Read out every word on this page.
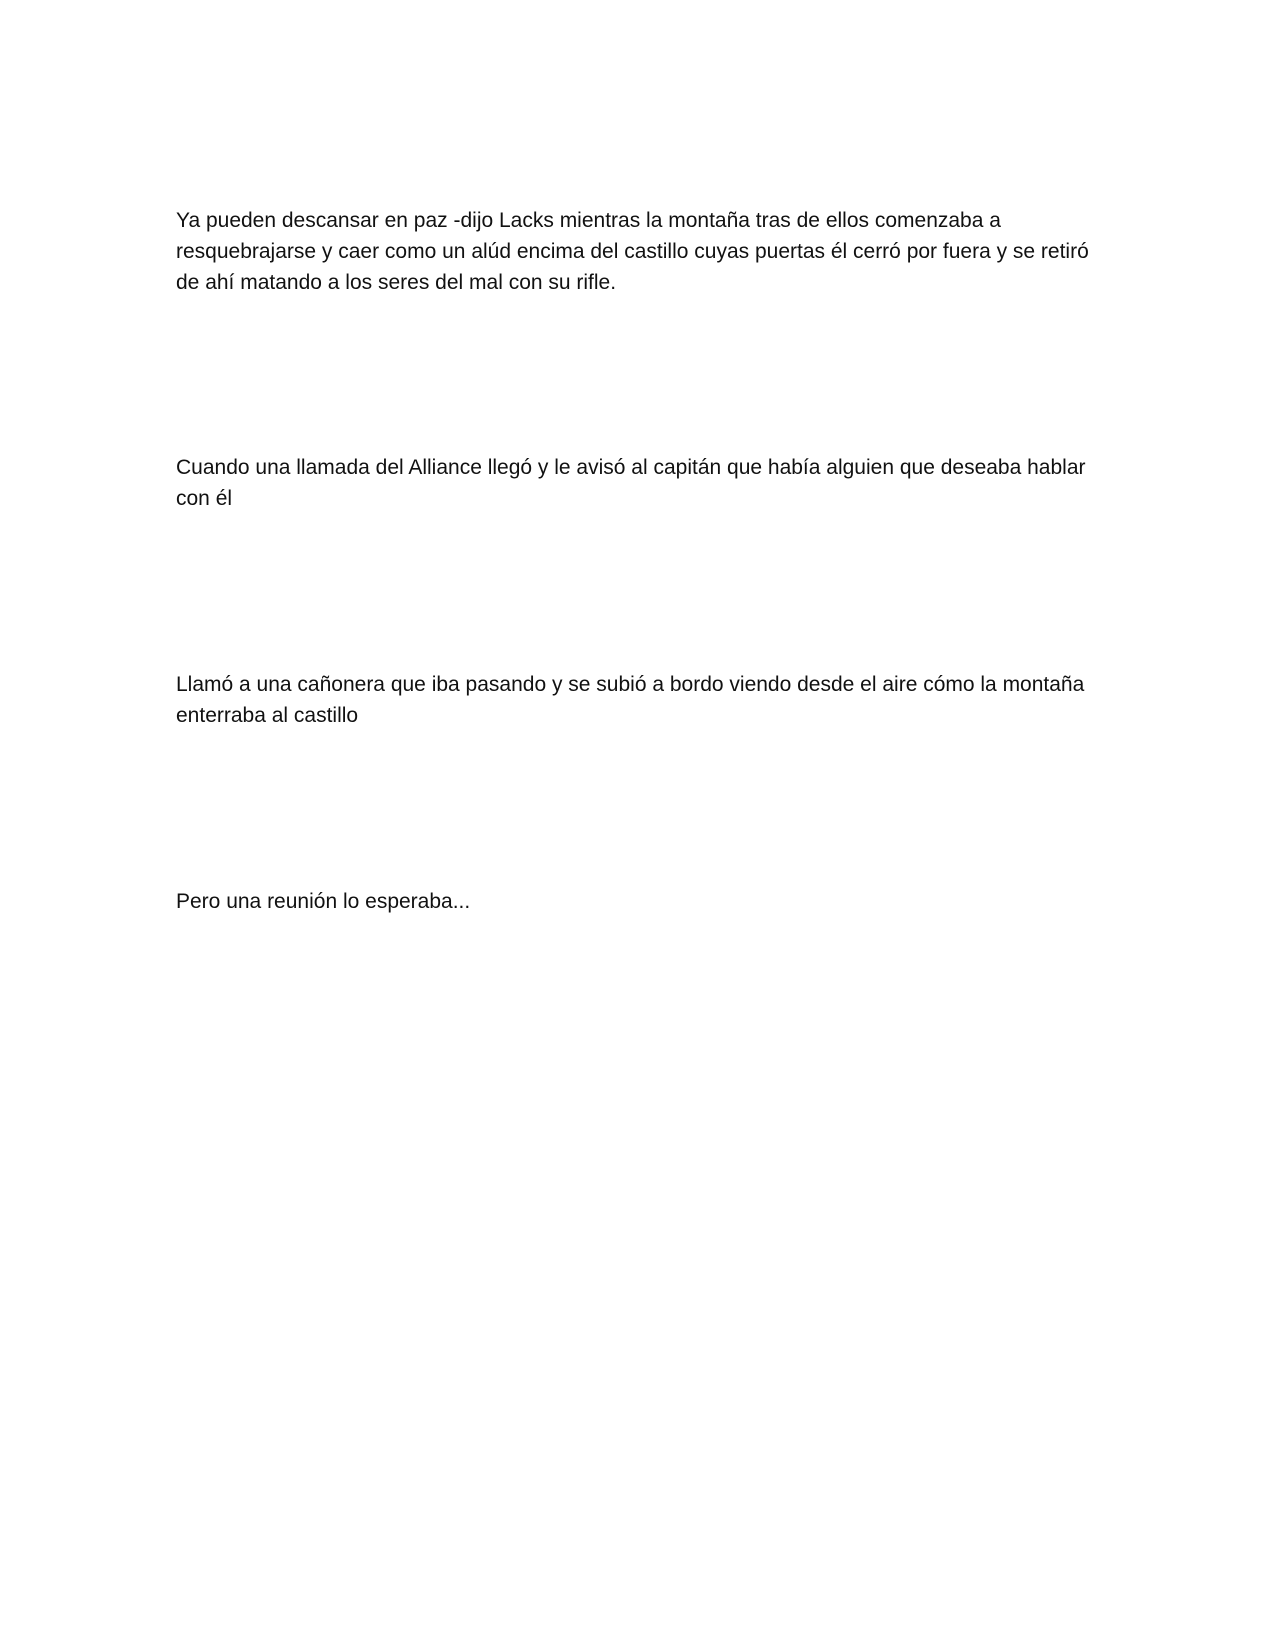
Ya pueden descansar en paz -dijo Lacks mientras la montaña tras de ellos comenzaba a resquebrajarse y caer como un alúd encima del castillo cuyas puertas él cerró por fuera y se retiró de ahí matando a los seres del mal con su rifle.

Cuando una llamada del Alliance llegó y le avisó al capitán que había alguien que deseaba hablar con él

Llamó a una cañonera que iba pasando y se subió a bordo viendo desde el aire cómo la montaña enterraba al castillo

Pero una reunión lo esperaba...
